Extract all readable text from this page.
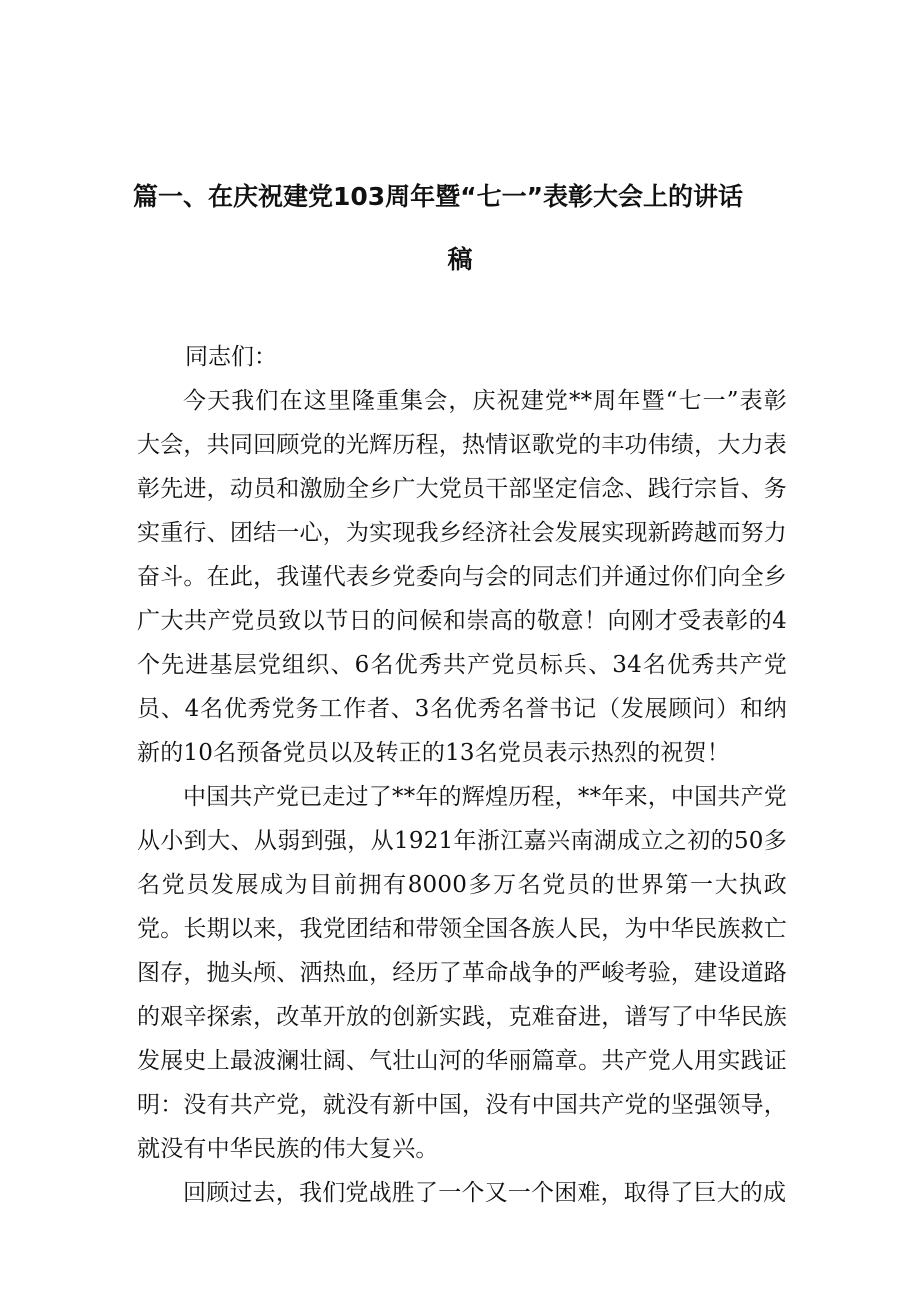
篇一、在庆祝建党103周年暨“七一”表彰大会上的讲话
稿

同志们：

今天我们在这里隆重集会，庆祝建党**周年暨“七一”表彰大会，共同回顾党的光辉历程，热情讴歌党的丰功伟绩，大力表彰先进，动员和激励全乡广大党员干部坚定信念、践行宗旨、务实重行、团结一心，为实现我乡经济社会发展实现新跨越而努力奋斗。在此，我谨代表乡党委向与会的同志们并通过你们向全乡广大共产党员致以节日的问候和崇高的敬意！向刚才受表彰的4个先进基层党组织、6名优秀共产党员标兵、34名优秀共产党员、4名优秀党务工作者、3名优秀名誉书记（发展顾问）和纳新的10名预备党员以及转正的13名党员表示热烈的祝贺！

中国共产党已走过了**年的辉煌历程，**年来，中国共产党从小到大、从弱到强，从1921年浙江嘉兴南湖成立之初的50多名党员发展成为目前拥有8000多万名党员的世界第一大执政党。长期以来，我党团结和带领全国各族人民，为中华民族救亡图存，抛头颅、洒热血，经历了革命战争的严峻考验，建设道路的艰辛探索，改革开放的创新实践，克难奋进，谱写了中华民族发展史上最波澜壮阔、气壮山河的华丽篇章。共产党人用实践证明：没有共产党，就没有新中国，没有中国共产党的坚强领导，就没有中华民族的伟大复兴。

回顾过去，我们党战胜了一个又一个困难，取得了巨大的成
